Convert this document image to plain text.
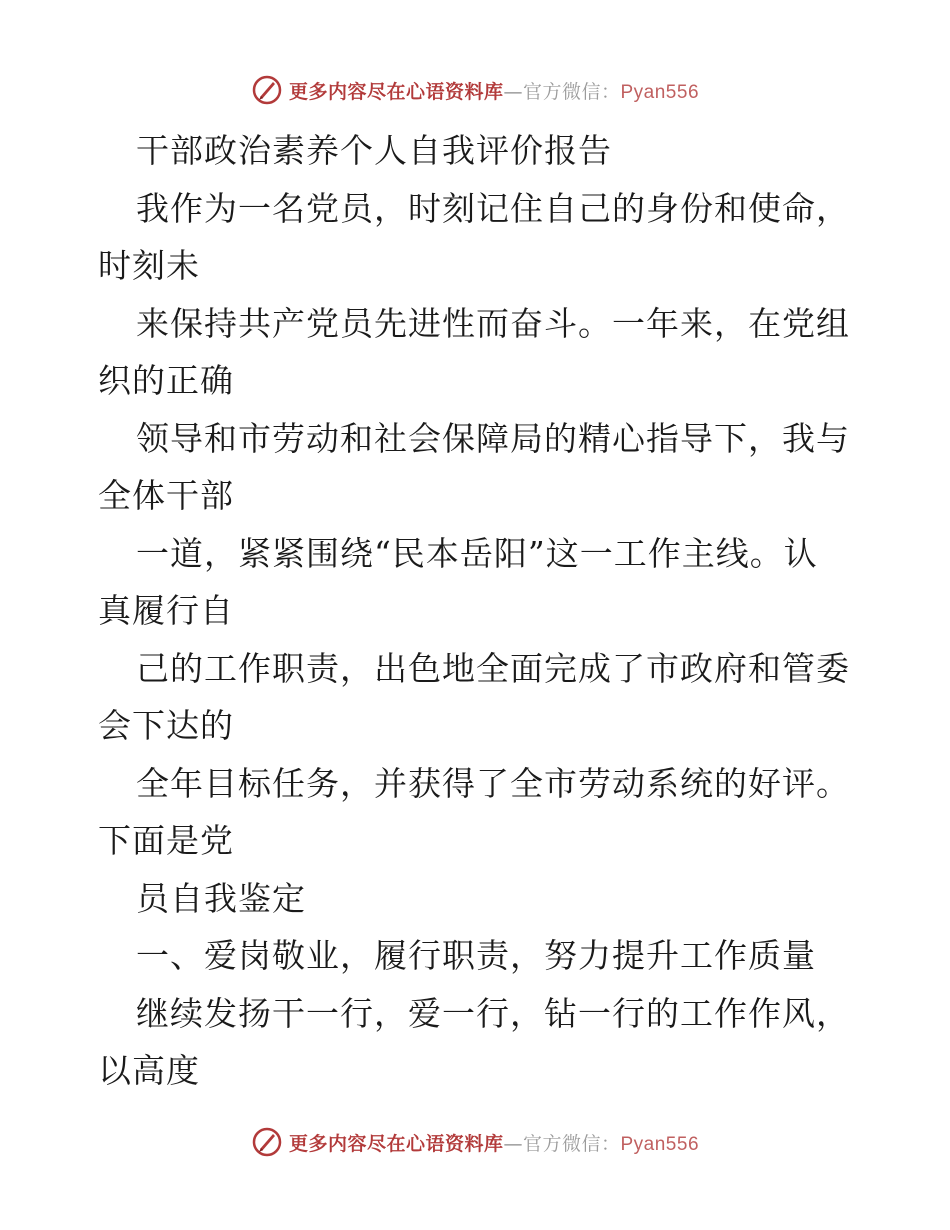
更多内容尽在心语资料库—官方微信：Pyan556
干部政治素养个人自我评价报告
我作为一名党员，时刻记住自己的身份和使命，
时刻未
来保持共产党员先进性而奋斗。一年来，在党组
织的正确
领导和市劳动和社会保障局的精心指导下，我与
全体干部
一道，紧紧围绕“民本岳阳”这一工作主线。认
真履行自
己的工作职责，出色地全面完成了市政府和管委
会下达的
全年目标任务，并获得了全市劳动系统的好评。
下面是党
员自我鉴定
一、爱岗敬业，履行职责，努力提升工作质量
继续发扬干一行，爱一行，钻一行的工作作风，
以高度
更多内容尽在心语资料库—官方微信：Pyan556
